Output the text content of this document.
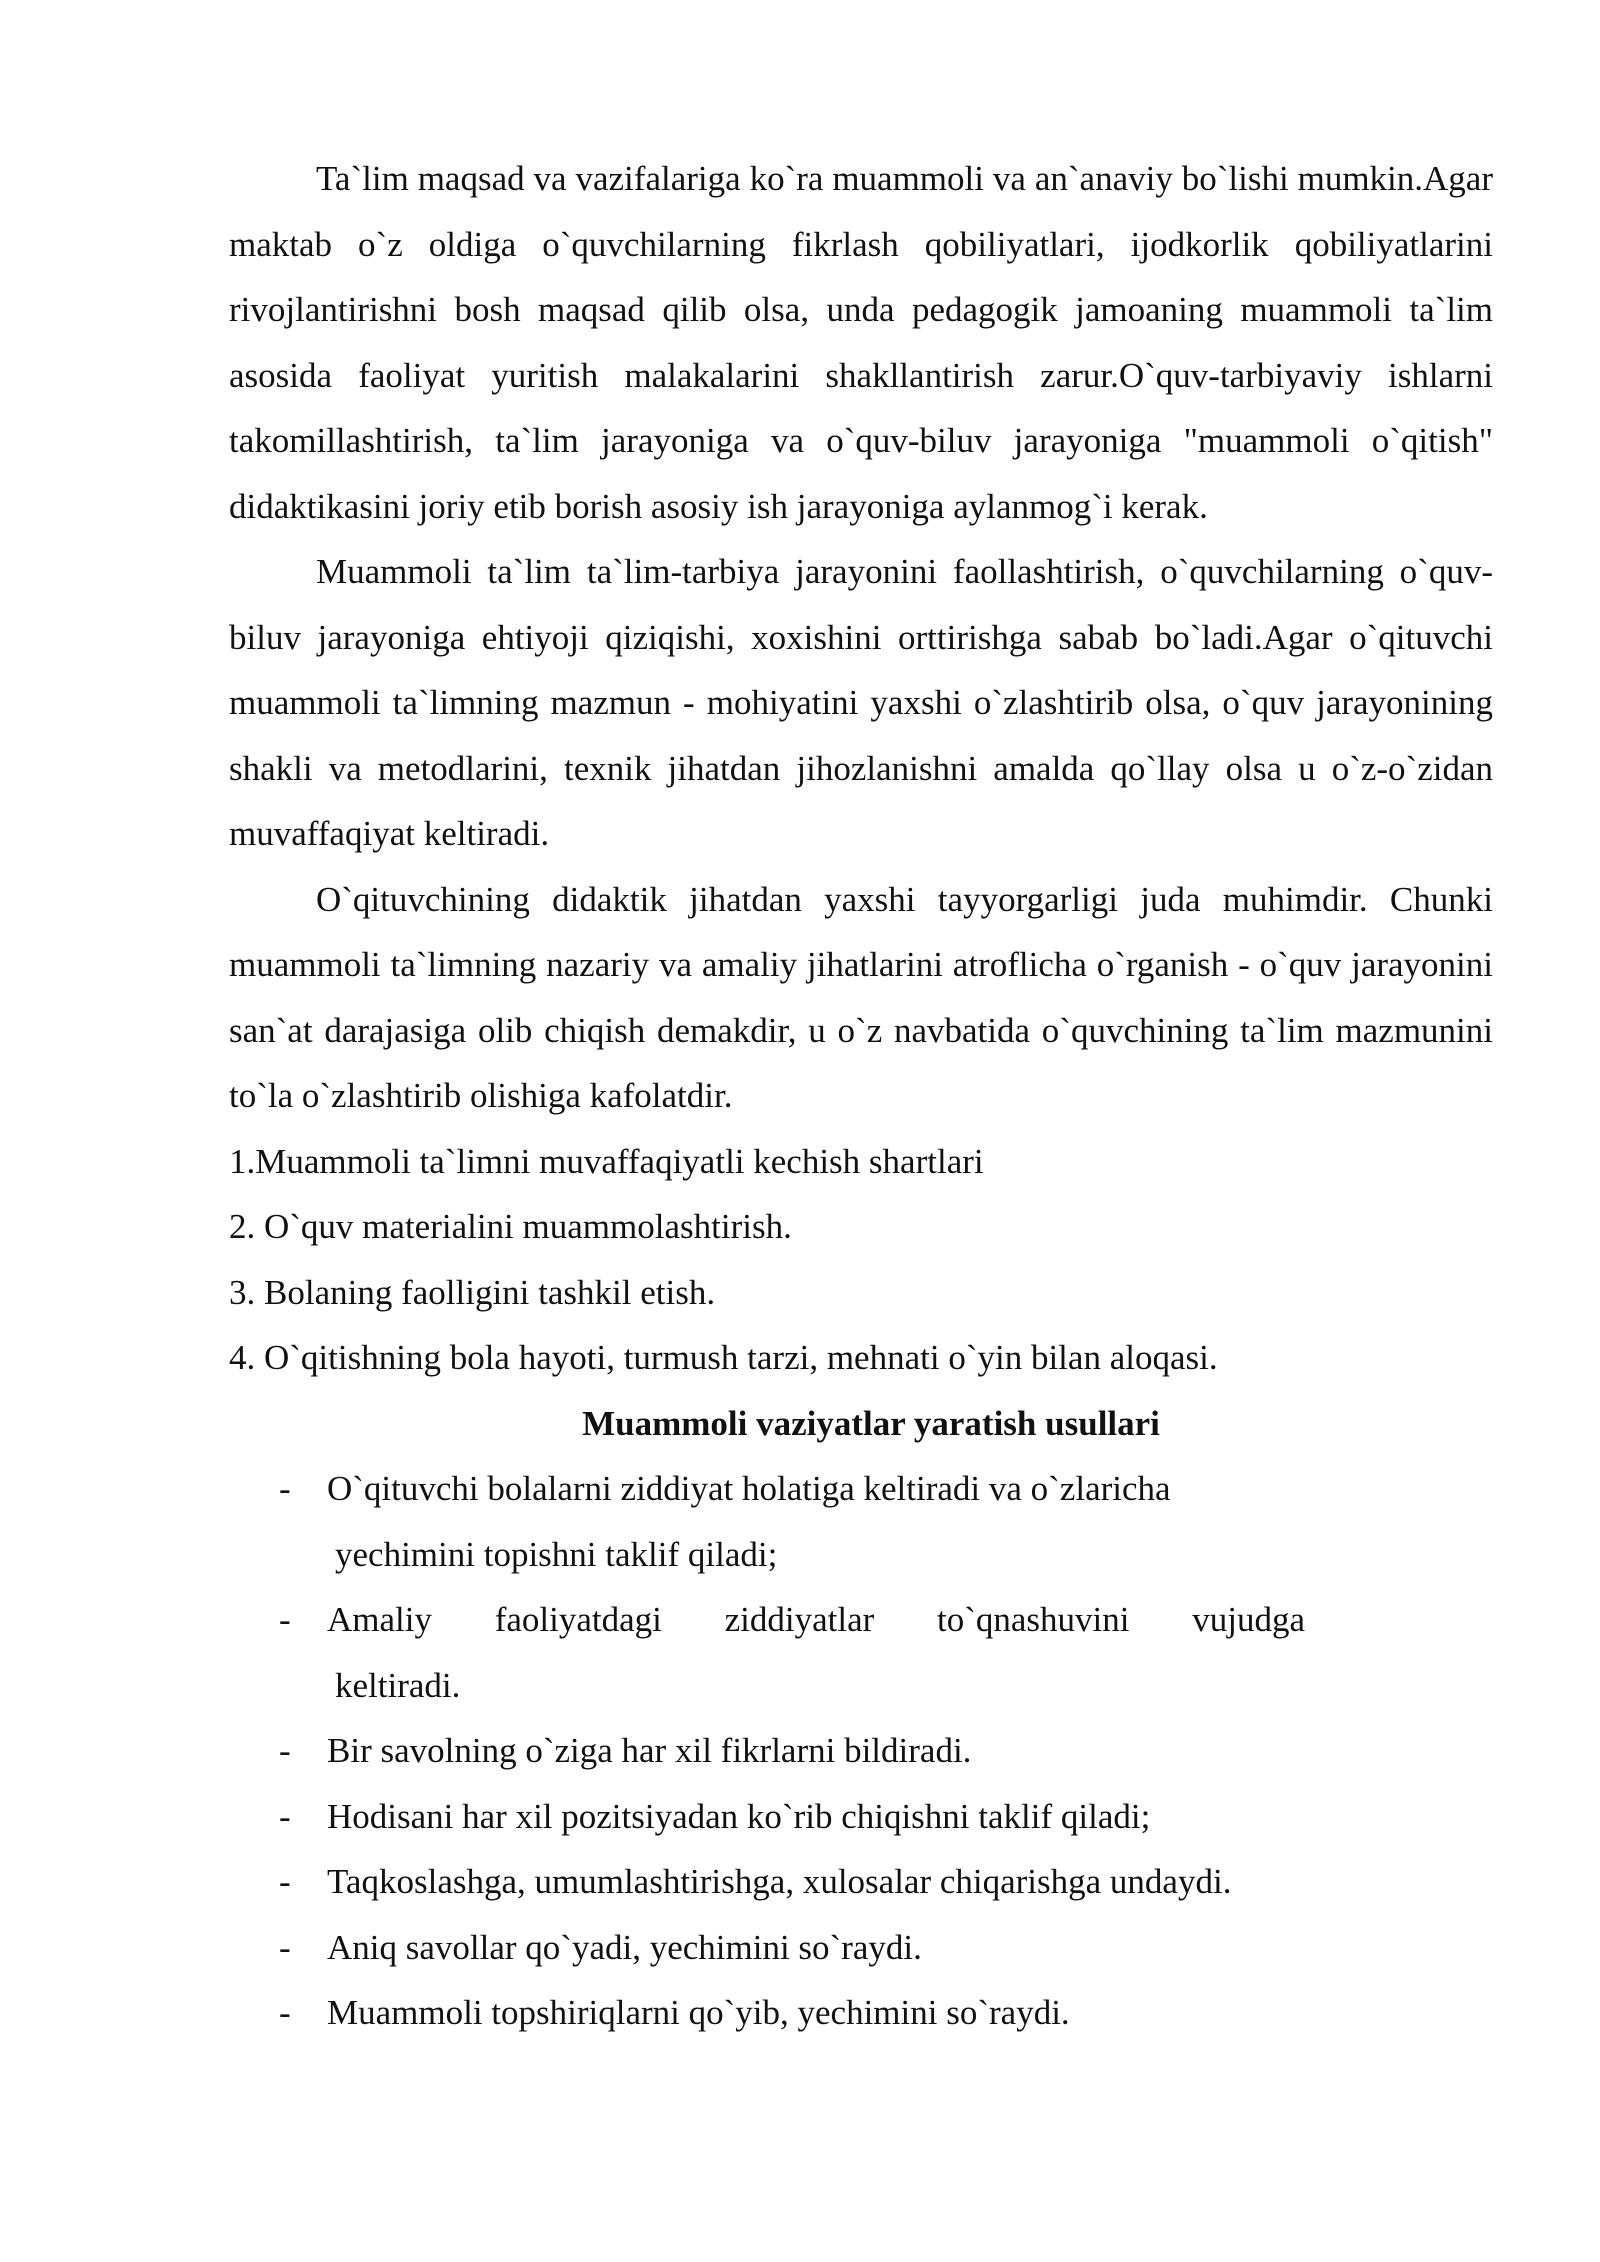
Ta`lim maqsad va vazifalariga ko`ra muammoli va an`anaviy bo`lishi mumkin.Agar maktab o`z oldiga o`quvchilarning fikrlash qobiliyatlari, ijodkorlik qobiliyatlarini rivojlantirishni bosh maqsad qilib olsa, unda pedagogik jamoaning muammoli ta`lim asosida faoliyat yuritish malakalarini shakllantirish zarur.O`quv-tarbiyaviy ishlarni takomillashtirish, ta`lim jarayoniga va o`quv-biluv jarayoniga "muammoli o`qitish" didaktikasini joriy etib borish asosiy ish jarayoniga aylanmog`i kerak.

Muammoli ta`lim ta`lim-tarbiya jarayonini faollashtirish, o`quvchilarning o`quv-biluv jarayoniga ehtiyoji qiziqishi, xoxishini orttirishga sabab bo`ladi.Agar o`qituvchi muammoli ta`limning mazmun - mohiyatini yaxshi o`zlashtirib olsa, o`quv jarayonining shakli va metodlarini, texnik jihatdan jihozlanishni amalda qo`llay olsa u o`z-o`zidan muvaffaqiyat keltiradi.

O`qituvchining didaktik jihatdan yaxshi tayyorgarligi juda muhimdir. Chunki muammoli ta`limning nazariy va amaliy jihatlarini atroflicha o`rganish - o`quv jarayonini san`at darajasiga olib chiqish demakdir, u o`z navbatida o`quvchining ta`lim mazmunini to`la o`zlashtirib olishiga kafolatdir.

1.Muammoli ta`limni muvaffaqiyatli kechish shartlari
2. O`quv materialini muammolashtirish.
3. Bolaning faolligini tashkil etish.
4. O`qitishning bola hayoti, turmush tarzi, mehnati o`yin bilan aloqasi.

Muammoli vaziyatlar yaratish usullari

- O`qituvchi bolalarni ziddiyat holatiga keltiradi va o`zlaricha
yechimini topishni taklif qiladi;
- Amaliy faoliyatdagi ziddiyatlar to`qnashuvini vujudga
keltiradi.
- Bir savolning o`ziga har xil fikrlarni bildiradi.
- Hodisani har xil pozitsiyadan ko`rib chiqishni taklif qiladi;
- Taqkoslashga, umumlashtirishga, xulosalar chiqarishga undaydi.
- Aniq savollar qo`yadi, yechimini so`raydi.
- Muammoli topshiriqlarni qo`yib, yechimini so`raydi.
